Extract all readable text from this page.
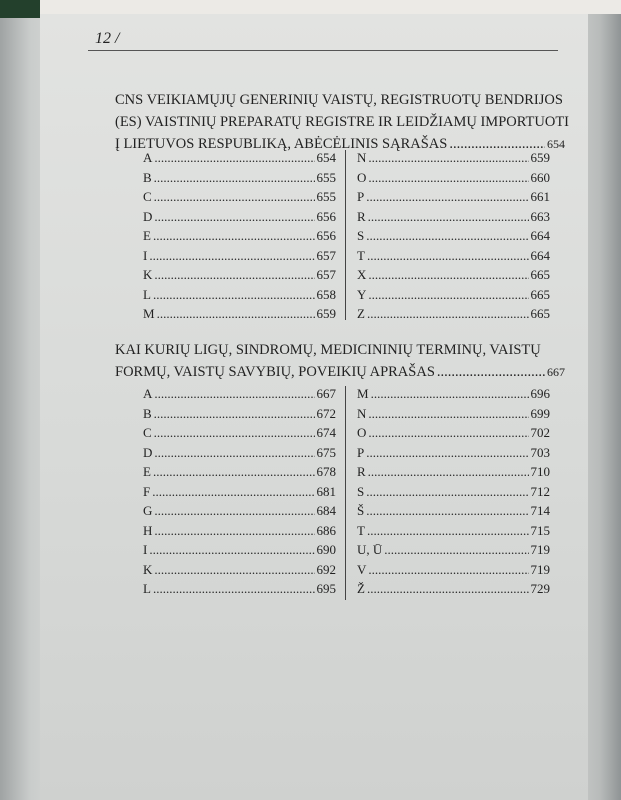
12 /
CNS VEIKIAMŲJŲ GENERINIŲ VAISTŲ, REGISTRUOTŲ BENDRIJOS
(ES) VAISTINIŲ PREPARATŲ REGISTRE IR LEIDŽIAMŲ IMPORTUOTI
Į LIETUVOS RESPUBLIKĄ, ABĖCĖLINIS SĄRAŠAS .....	654
A .....	654
B .....	655
C .....	655
D .....	656
E .....	656
I .....	657
K .....	657
L .....	658
M .....	659
N .....	659
O .....	660
P .....	661
R .....	663
S .....	664
T .....	664
X .....	665
Y .....	665
Z .....	665
KAI KURIŲ LIGŲ, SINDROMŲ, MEDICININIŲ TERMINŲ, VAISTŲ
FORMŲ, VAISTŲ SAVYBIŲ, POVEIKIŲ APRAŠAS .....	667
A .....	667
B .....	672
C .....	674
D .....	675
E .....	678
F .....	681
G .....	684
H .....	686
I .....	690
K .....	692
L .....	695
M .....	696
N .....	699
O .....	702
P .....	703
R .....	710
S .....	712
Š .....	714
T .....	715
U, Ū .....	719
V .....	719
Ž .....	729
